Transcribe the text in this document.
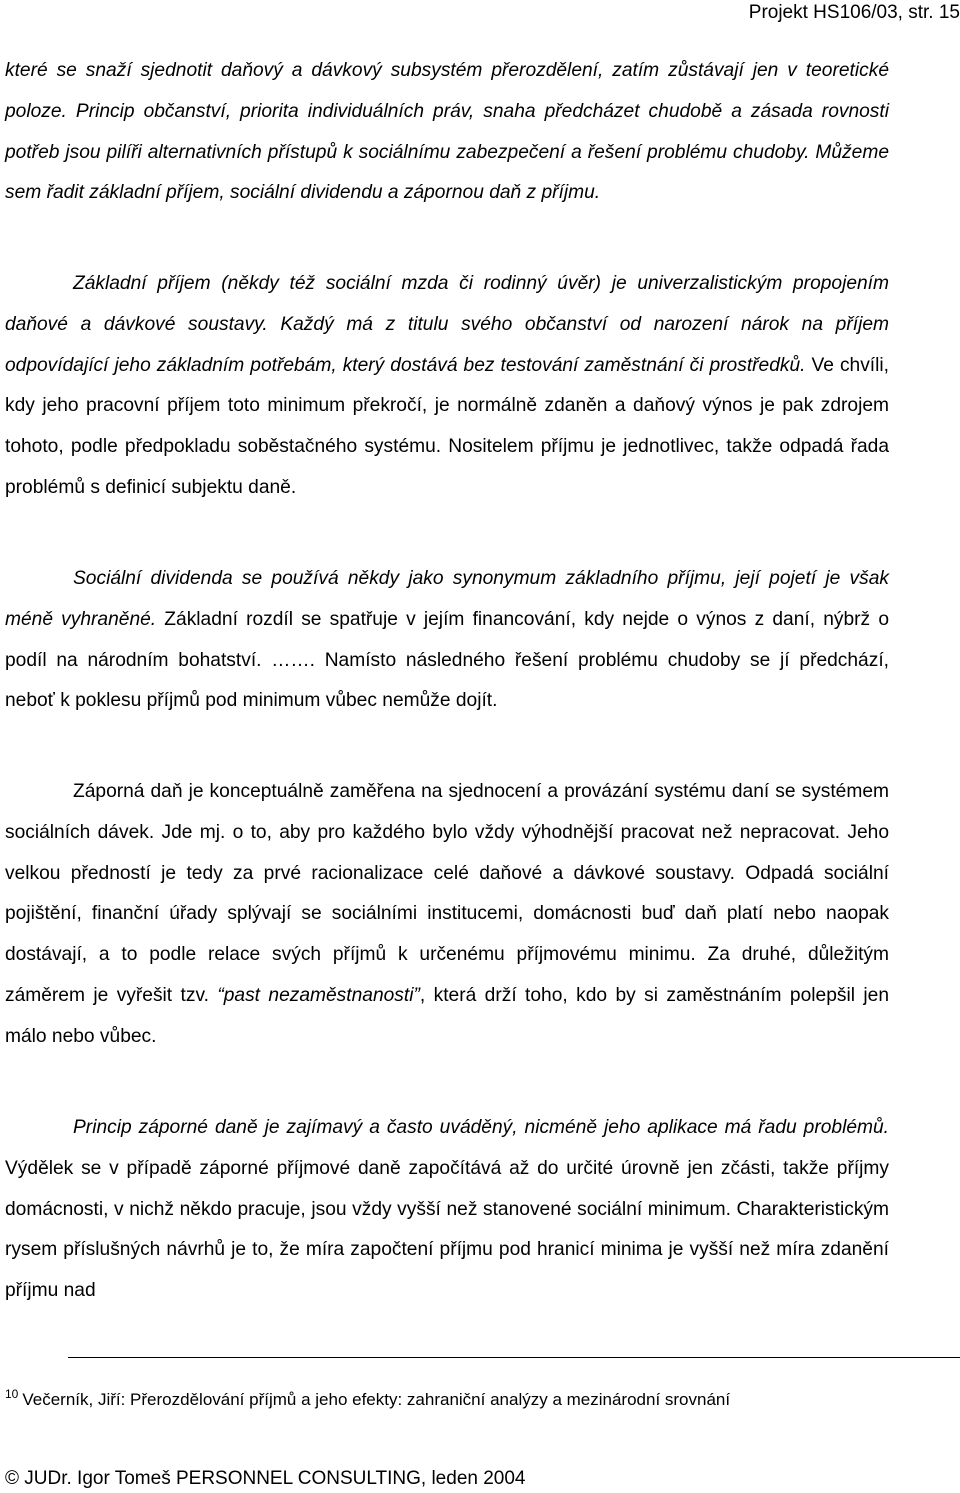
Projekt HS106/03, str. 15

které se snaží sjednotit daňový a dávkový subsystém přerozdělení, zatím zůstávají jen v teoretické poloze. Princip občanství, priorita individuálních práv, snaha předcházet chudobě a zásada rovnosti potřeb jsou pilíři alternativních přístupů k sociálnímu zabezpečení a řešení problému chudoby. Můžeme sem řadit základní příjem, sociální dividendu a zápornou daň z příjmu.

Základní příjem (někdy též sociální mzda či rodinný úvěr) je univerzalistickým propojením daňové a dávkové soustavy. Každý má z titulu svého občanství od narození nárok na příjem odpovídající jeho základním potřebám, který dostává bez testování zaměstnání či prostředků. Ve chvíli, kdy jeho pracovní příjem toto minimum překročí, je normálně zdaněn a daňový výnos je pak zdrojem tohoto, podle předpokladu soběstačného systému. Nositelem příjmu je jednotlivec, takže odpadá řada problémů s definicí subjektu daně.

Sociální dividenda se používá někdy jako synonymum základního příjmu, její pojetí je však méně vyhraněné. Základní rozdíl se spatřuje v jejím financování, kdy nejde o výnos z daní, nýbrž o podíl na národním bohatství. ……. Namísto následného řešení problému chudoby se jí předchází, neboť k poklesu příjmů pod minimum vůbec nemůže dojít.

Záporná daň je konceptuálně zaměřena na sjednocení a provázání systému daní se systémem sociálních dávek. Jde mj. o to, aby pro každého bylo vždy výhodnější pracovat než nepracovat. Jeho velkou předností je tedy za prvé racionalizace celé daňové a dávkové soustavy. Odpadá sociální pojištění, finanční úřady splývají se sociálními institucemi, domácnosti buď daň platí nebo naopak dostávají, a to podle relace svých příjmů k určenému příjmovému minimu. Za druhé, důležitým záměrem je vyřešit tzv. “past nezaměstnanosti”, která drží toho, kdo by si zaměstnáním polepšil jen málo nebo vůbec.

Princip záporné daně je zajímavý a často uváděný, nicméně jeho aplikace má řadu problémů. Výdělek se v případě záporné příjmové daně započítává až do určité úrovně jen zčásti, takže příjmy domácnosti, v nichž někdo pracuje, jsou vždy vyšší než stanovené sociální minimum. Charakteristickým rysem příslušných návrhů je to, že míra započtení příjmu pod hranicí minima je vyšší než míra zdanění příjmu nad

$^{10}$ Večerník, Jiří: Přerozdělování příjmů a jeho efekty: zahraniční analýzy a mezinárodní srovnání
© JUDr. Igor Tomeš PERSONNEL CONSULTING, leden 2004
